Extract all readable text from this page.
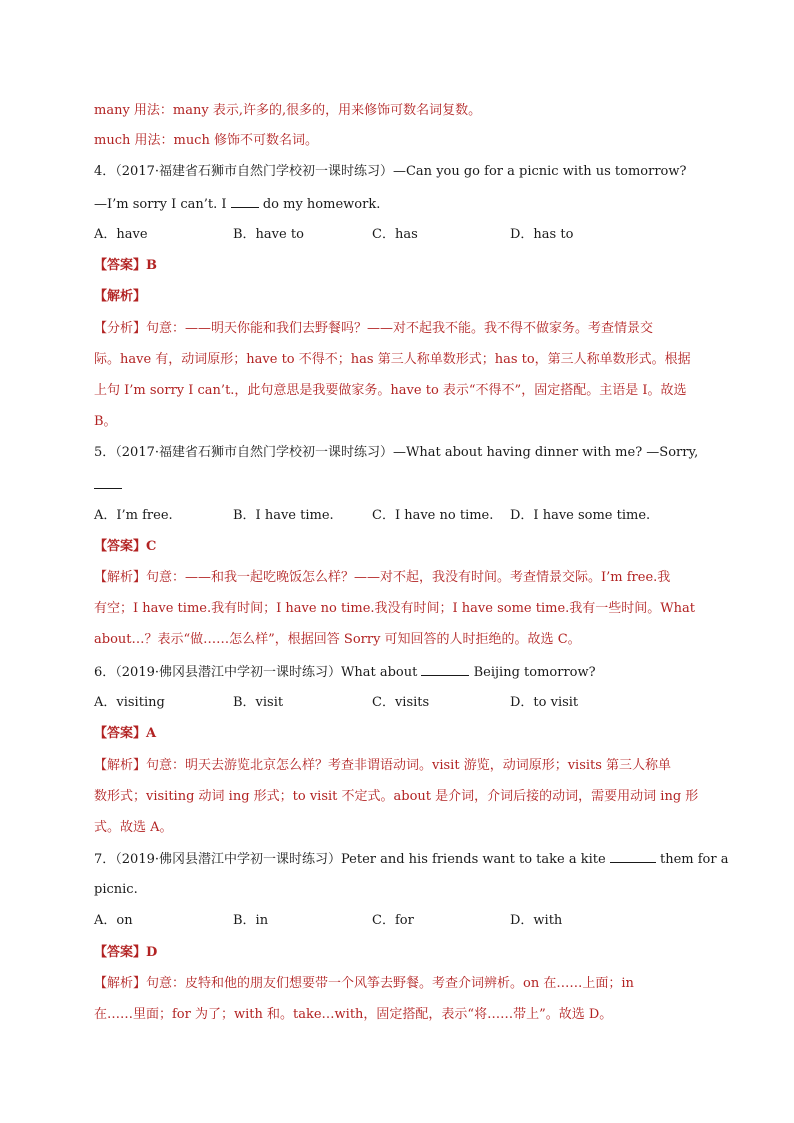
many 用法：many 表示,许多的,很多的，用来修饰可数名词复数。
much 用法：much 修饰不可数名词。
4．（2017·福建省石狮市自然门学校初一课时练习）—Can you go for a picnic with us tomorrow?
—I’m sorry I can’t. I	do my homework.
A．have	B．have to	C．has	D．has to
【答案】B
【解析】
【分析】句意：——明天你能和我们去野餐吗？——对不起我不能。我不得不做家务。考查情景交
际。have 有，动词原形；have to 不得不；has 第三人称单数形式；has to，第三人称单数形式。根据
上句 I’m sorry I can’t.，此句意思是我要做家务。have to 表示“不得不”，固定搭配。主语是 I。故选
B。
5．（2017·福建省石狮市自然门学校初一课时练习）—What about having dinner with me? —Sorry,
A．I’m free.	B．I have time.	C．I have no time. D．I have some time.
【答案】C
【解析】句意：——和我一起吃晚饭怎么样？——对不起，我没有时间。考查情景交际。I’m free.我
有空；I have time.我有时间；I have no time.我没有时间；I have some time.我有一些时间。What
about…？表示“做……怎么样”，根据回答 Sorry 可知回答的人时拒绝的。故选 C。
6．（2019·佛冈县潜江中学初一课时练习）What about	Beijing tomorrow?
A．visiting	B．visit	C．visits	D．to visit
【答案】A
【解析】句意：明天去游览北京怎么样？考查非谓语动词。visit 游览，动词原形；visits 第三人称单
数形式；visiting 动词 ing 形式；to visit 不定式。about 是介词，介词后接的动词，需要用动词 ing 形
式。故选 A。
7．（2019·佛冈县潜江中学初一课时练习）Peter and his friends want to take a kite	them for a
picnic.
A．on	B．in	C．for	D．with
【答案】D
【解析】句意：皮特和他的朋友们想要带一个风筝去野餐。考查介词辨析。on 在……上面；in
在……里面；for 为了；with 和。take…with，固定搭配，表示“将……带上”。故选 D。
